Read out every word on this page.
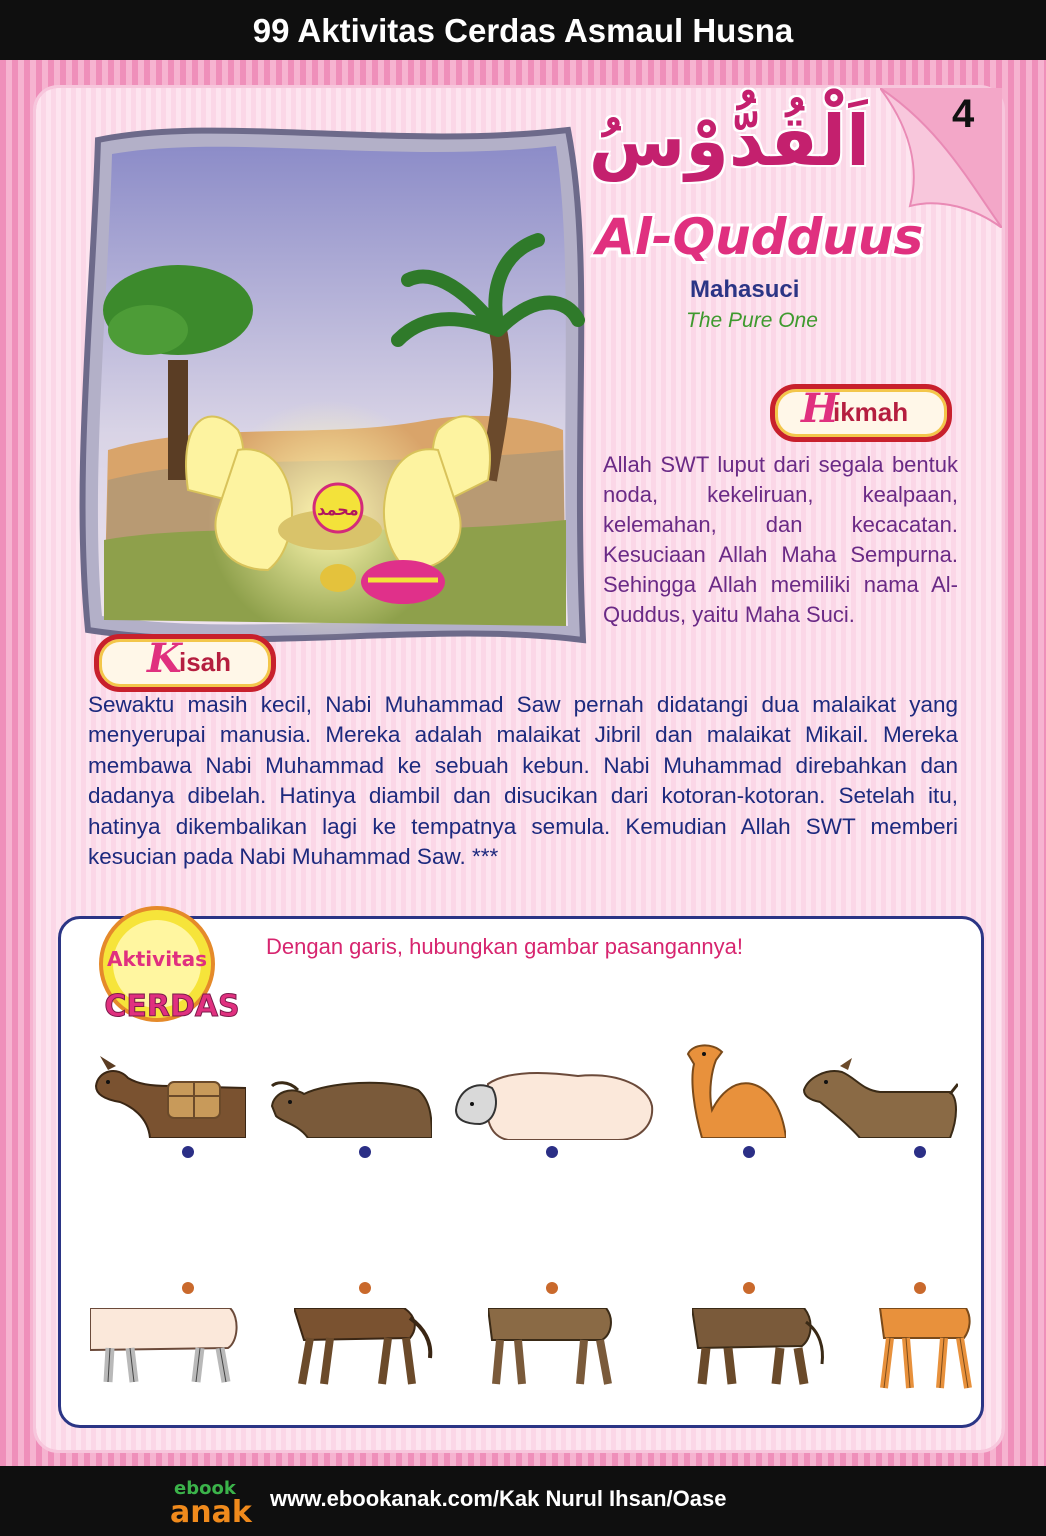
99 Aktivitas Cerdas Asmaul Husna
4
اَلْقُدُّوْسُ
Al-Qudduus
Mahasuci
The Pure One
محمد
H
ikmah

Allah SWT luput dari segala bentuk noda, kekeliruan, kealpaan, kelemahan, dan kecacatan. Kesuciaan Allah Maha Sempurna. Sehingga Allah memiliki nama Al-Quddus, yaitu Maha Suci.

K
isah

Sewaktu masih kecil, Nabi Muhammad Saw pernah didatangi dua malaikat yang menyerupai manusia. Mereka adalah malaikat Jibril dan malaikat Mikail. Mereka membawa Nabi Muhammad ke sebuah kebun. Nabi Muhammad direbahkan dan dadanya dibelah. Hatinya diambil dan disucikan dari kotoran-kotoran. Setelah itu, hatinya dikembalikan lagi ke tempatnya semula. Kemudian Allah SWT memberi kesucian pada Nabi Muhammad Saw. ***

Aktivitas
CERDAS
Dengan garis, hubungkan gambar pasangannya!
ebook
anak www.ebookanak.com/Kak Nurul Ihsan/Oase
